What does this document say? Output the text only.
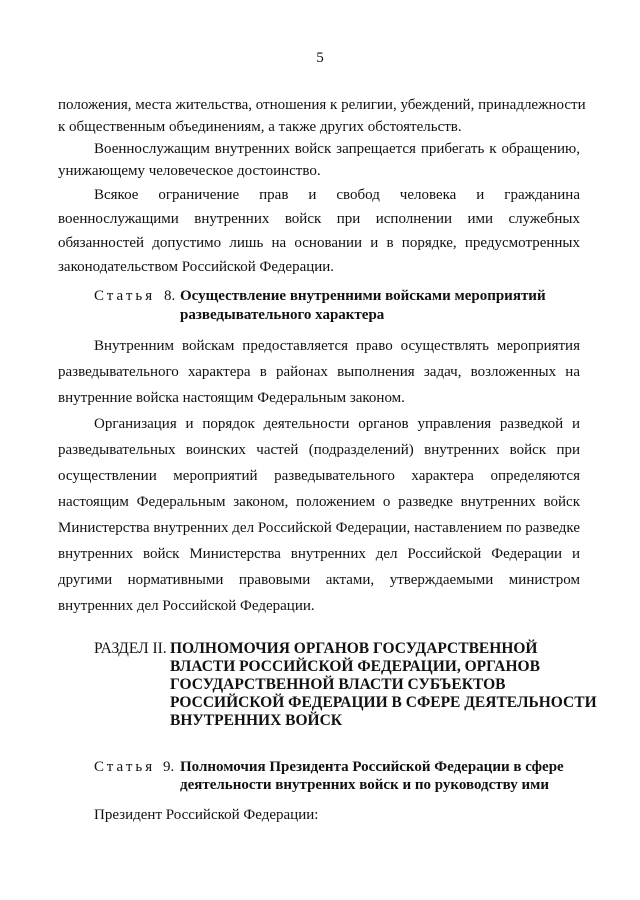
5
положения, места жительства, отношения к религии, убеждений, принадлежности
к общественным объединениям, а также других обстоятельств.
Военнослужащим внутренних войск запрещается прибегать к обращению,
унижающему человеческое достоинство.
Всякое ограничение прав и свобод человека и гражданина
военнослужащими внутренних войск при исполнении ими служебных
обязанностей допустимо лишь на основании и в порядке, предусмотренных
законодательством Российской Федерации.
Статья 8. Осуществление внутренними войсками мероприятий
разведывательного характера
Внутренним войскам предоставляется право осуществлять мероприятия
разведывательного характера в районах выполнения задач, возложенных на
внутренние войска настоящим Федеральным законом.
Организация и порядок деятельности органов управления разведкой и
разведывательных воинских частей (подразделений) внутренних войск при
осуществлении мероприятий разведывательного характера определяются
настоящим Федеральным законом, положением о разведке внутренних войск
Министерства внутренних дел Российской Федерации, наставлением по разведке
внутренних войск Министерства внутренних дел Российской Федерации и
другими нормативными правовыми актами, утверждаемыми министром
внутренних дел Российской Федерации.
РАЗДЕЛ II. ПОЛНОМОЧИЯ ОРГАНОВ ГОСУДАРСТВЕННОЙ
ВЛАСТИ РОССИЙСКОЙ ФЕДЕРАЦИИ, ОРГАНОВ
ГОСУДАРСТВЕННОЙ ВЛАСТИ СУБЪЕКТОВ
РОССИЙСКОЙ ФЕДЕРАЦИИ В СФЕРЕ ДЕЯТЕЛЬНОСТИ
ВНУТРЕННИХ ВОЙСК
Статья 9. Полномочия Президента Российской Федерации в сфере
деятельности внутренних войск и по руководству ими
Президент Российской Федерации:
